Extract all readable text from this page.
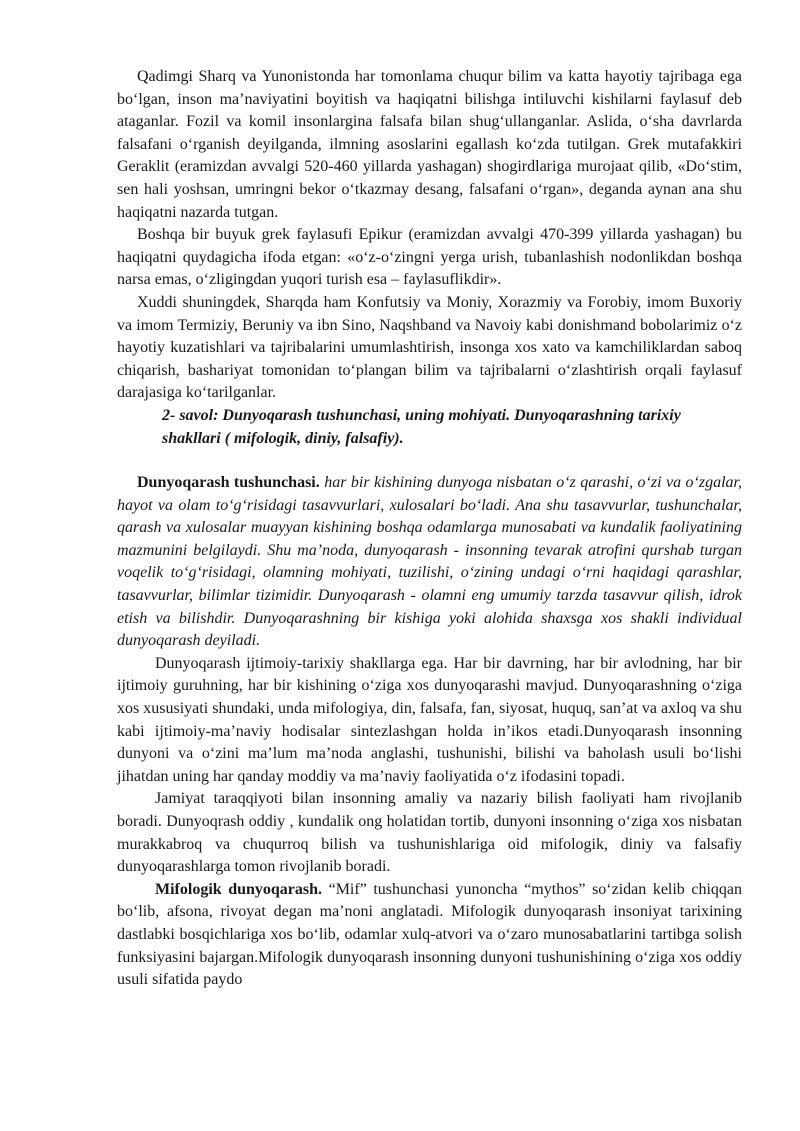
Qadimgi Sharq va Yunonistonda har tomonlama chuqur bilim va katta hayotiy tajribaga ega bo‘lgan, inson ma’naviyatini boyitish va haqiqatni bilishga intiluvchi kishilarni faylasuf deb ataganlar. Fozil va komil insonlargina falsafa bilan shug‘ullanganlar. Aslida, o‘sha davrlarda falsafani o‘rganish deyilganda, ilmning asoslarini egallash ko‘zda tutilgan. Grek mutafakkiri Geraklit (eramizdan avvalgi 520-460 yillarda yashagan) shogirdlariga murojaat qilib, «Do‘stim, sen hali yoshsan, umringni bekor o‘tkazmay desang, falsafani o‘rgan», deganda aynan ana shu haqiqatni nazarda tutgan.

Boshqa bir buyuk grek faylasufi Epikur (eramizdan avvalgi 470-399 yillarda yashagan) bu haqiqatni quydagicha ifoda etgan: «o‘z-o‘zingni yerga urish, tubanlashish nodonlikdan boshqa narsa emas, o‘zligingdan yuqori turish esa – faylasuflikdir».

Xuddi shuningdek, Sharqda ham Konfutsiy va Moniy, Xorazmiy va Forobiy, imom Buxoriy va imom Termiziy, Beruniy va ibn Sino, Naqshband va Navoiy kabi donishmand bobolarimiz o‘z hayotiy kuzatishlari va tajribalarini umumlashtirish, insonga xos xato va kamchiliklardan saboq chiqarish, bashariyat tomonidan to‘plangan bilim va tajribalarni o‘zlashtirish orqali faylasuf darajasiga ko‘tarilganlar.

2- savol: Dunyoqarash tushunchasi, uning mohiyati. Dunyoqarashning tarixiy shakllari ( mifologik, diniy, falsafiy).

Dunyoqarash tushunchasi. har bir kishining dunyoga nisbatan o‘z qarashi, o‘zi va o‘zgalar, hayot va olam to‘g‘risidagi tasavvurlari, xulosalari bo‘ladi. Ana shu tasavvurlar, tushunchalar, qarash va xulosalar muayyan kishining boshqa odamlarga munosabati va kundalik faoliyatining mazmunini belgilaydi. Shu ma’noda, dunyoqarash - insonning tevarak atrofini qurshab turgan voqelik to‘g‘risidagi, olamning mohiyati, tuzilishi, o‘zining undagi o‘rni haqidagi qarashlar, tasavvurlar, bilimlar tizimidir. Dunyoqarash - olamni eng umumiy tarzda tasavvur qilish, idrok etish va bilishdir. Dunyoqarashning bir kishiga yoki alohida shaxsga xos shakli individual dunyoqarash deyiladi.

Dunyoqarash ijtimoiy-tarixiy shakllarga ega. Har bir davrning, har bir avlodning, har bir ijtimoiy guruhning, har bir kishining o‘ziga xos dunyoqarashi mavjud. Dunyoqarashning o‘ziga xos xususiyati shundaki, unda mifologiya, din, falsafa, fan, siyosat, huquq, san’at va axloq va shu kabi ijtimoiy-ma’naviy hodisalar sintezlashgan holda in’ikos etadi.Dunyoqarash insonning dunyoni va o‘zini ma’lum ma’noda anglashi, tushunishi, bilishi va baholash usuli bo‘lishi jihatdan uning har qanday moddiy va ma’naviy faoliyatida o‘z ifodasini topadi.

Jamiyat taraqqiyoti bilan insonning amaliy va nazariy bilish faoliyati ham rivojlanib boradi. Dunyoqrash oddiy , kundalik ong holatidan tortib, dunyoni insonning o‘ziga xos nisbatan murakkabroq va chuqurroq bilish va tushunishlariga oid mifologik, diniy va falsafiy dunyoqarashlarga tomon rivojlanib boradi.

Mifologik dunyoqarash. “Mif” tushunchasi yunoncha “mythos” so‘zidan kelib chiqqan bo‘lib, afsona, rivoyat degan ma’noni anglatadi. Mifologik dunyoqarash insoniyat tarixining dastlabki bosqichlariga xos bo‘lib, odamlar xulq-atvori va o‘zaro munosabatlarini tartibga solish funksiyasini bajargan.Mifologik dunyoqarash insonning dunyoni tushunishining o‘ziga xos oddiy usuli sifatida paydo
